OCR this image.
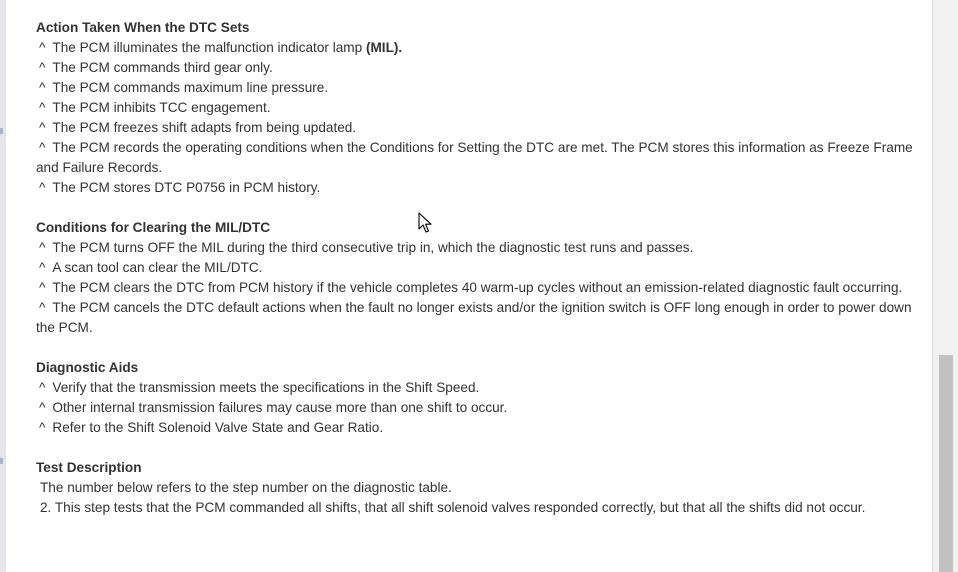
Action Taken When the DTC Sets
^ The PCM illuminates the malfunction indicator lamp (MIL).
^ The PCM commands third gear only.
^ The PCM commands maximum line pressure.
^ The PCM inhibits TCC engagement.
^ The PCM freezes shift adapts from being updated.
^ The PCM records the operating conditions when the Conditions for Setting the DTC are met. The PCM stores this information as Freeze Frame and Failure Records.
^ The PCM stores DTC P0756 in PCM history.
Conditions for Clearing the MIL/DTC
^ The PCM turns OFF the MIL during the third consecutive trip in, which the diagnostic test runs and passes.
^ A scan tool can clear the MIL/DTC.
^ The PCM clears the DTC from PCM history if the vehicle completes 40 warm-up cycles without an emission-related diagnostic fault occurring.
^ The PCM cancels the DTC default actions when the fault no longer exists and/or the ignition switch is OFF long enough in order to power down the PCM.
Diagnostic Aids
^ Verify that the transmission meets the specifications in the Shift Speed.
^ Other internal transmission failures may cause more than one shift to occur.
^ Refer to the Shift Solenoid Valve State and Gear Ratio.
Test Description
The number below refers to the step number on the diagnostic table.
2. This step tests that the PCM commanded all shifts, that all shift solenoid valves responded correctly, but that all the shifts did not occur.
